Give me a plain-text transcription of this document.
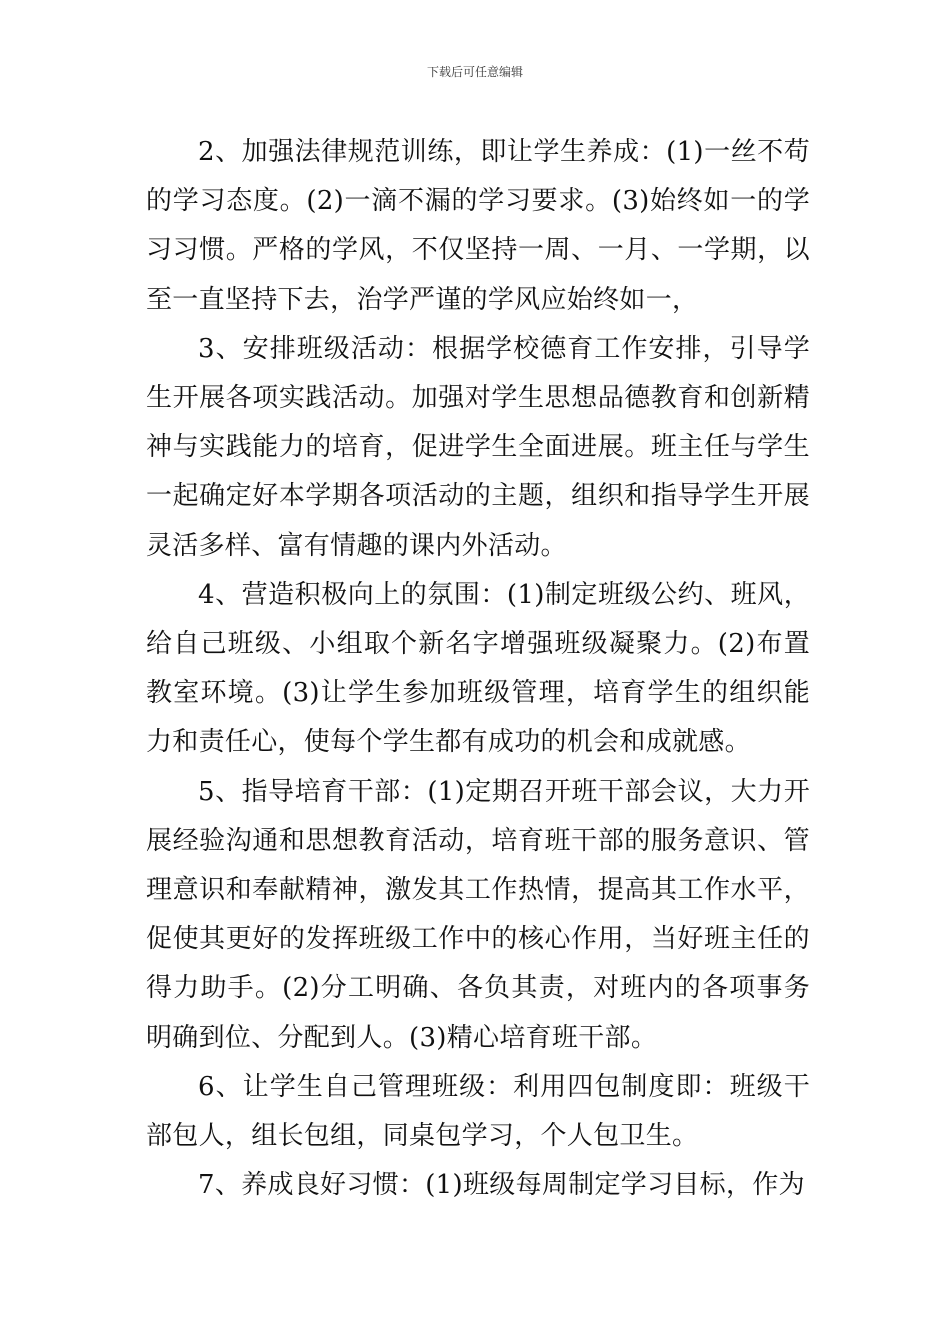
下载后可任意编辑

2、加强法律规范训练，即让学生养成：(1)一丝不苟的学习态度。(2)一滴不漏的学习要求。(3)始终如一的学习习惯。严格的学风，不仅坚持一周、一月、一学期，以至一直坚持下去，治学严谨的学风应始终如一，

3、安排班级活动：根据学校德育工作安排，引导学生开展各项实践活动。加强对学生思想品德教育和创新精神与实践能力的培育，促进学生全面进展。班主任与学生一起确定好本学期各项活动的主题，组织和指导学生开展灵活多样、富有情趣的课内外活动。

4、营造积极向上的氛围：(1)制定班级公约、班风，给自己班级、小组取个新名字增强班级凝聚力。(2)布置教室环境。(3)让学生参加班级管理，培育学生的组织能力和责任心，使每个学生都有成功的机会和成就感。

5、指导培育干部：(1)定期召开班干部会议，大力开展经验沟通和思想教育活动，培育班干部的服务意识、管理意识和奉献精神，激发其工作热情，提高其工作水平，促使其更好的发挥班级工作中的核心作用，当好班主任的得力助手。(2)分工明确、各负其责，对班内的各项事务明确到位、分配到人。(3)精心培育班干部。

6、让学生自己管理班级：利用四包制度即：班级干部包人，组长包组，同桌包学习，个人包卫生。

7、养成良好习惯：(1)班级每周制定学习目标，作为
